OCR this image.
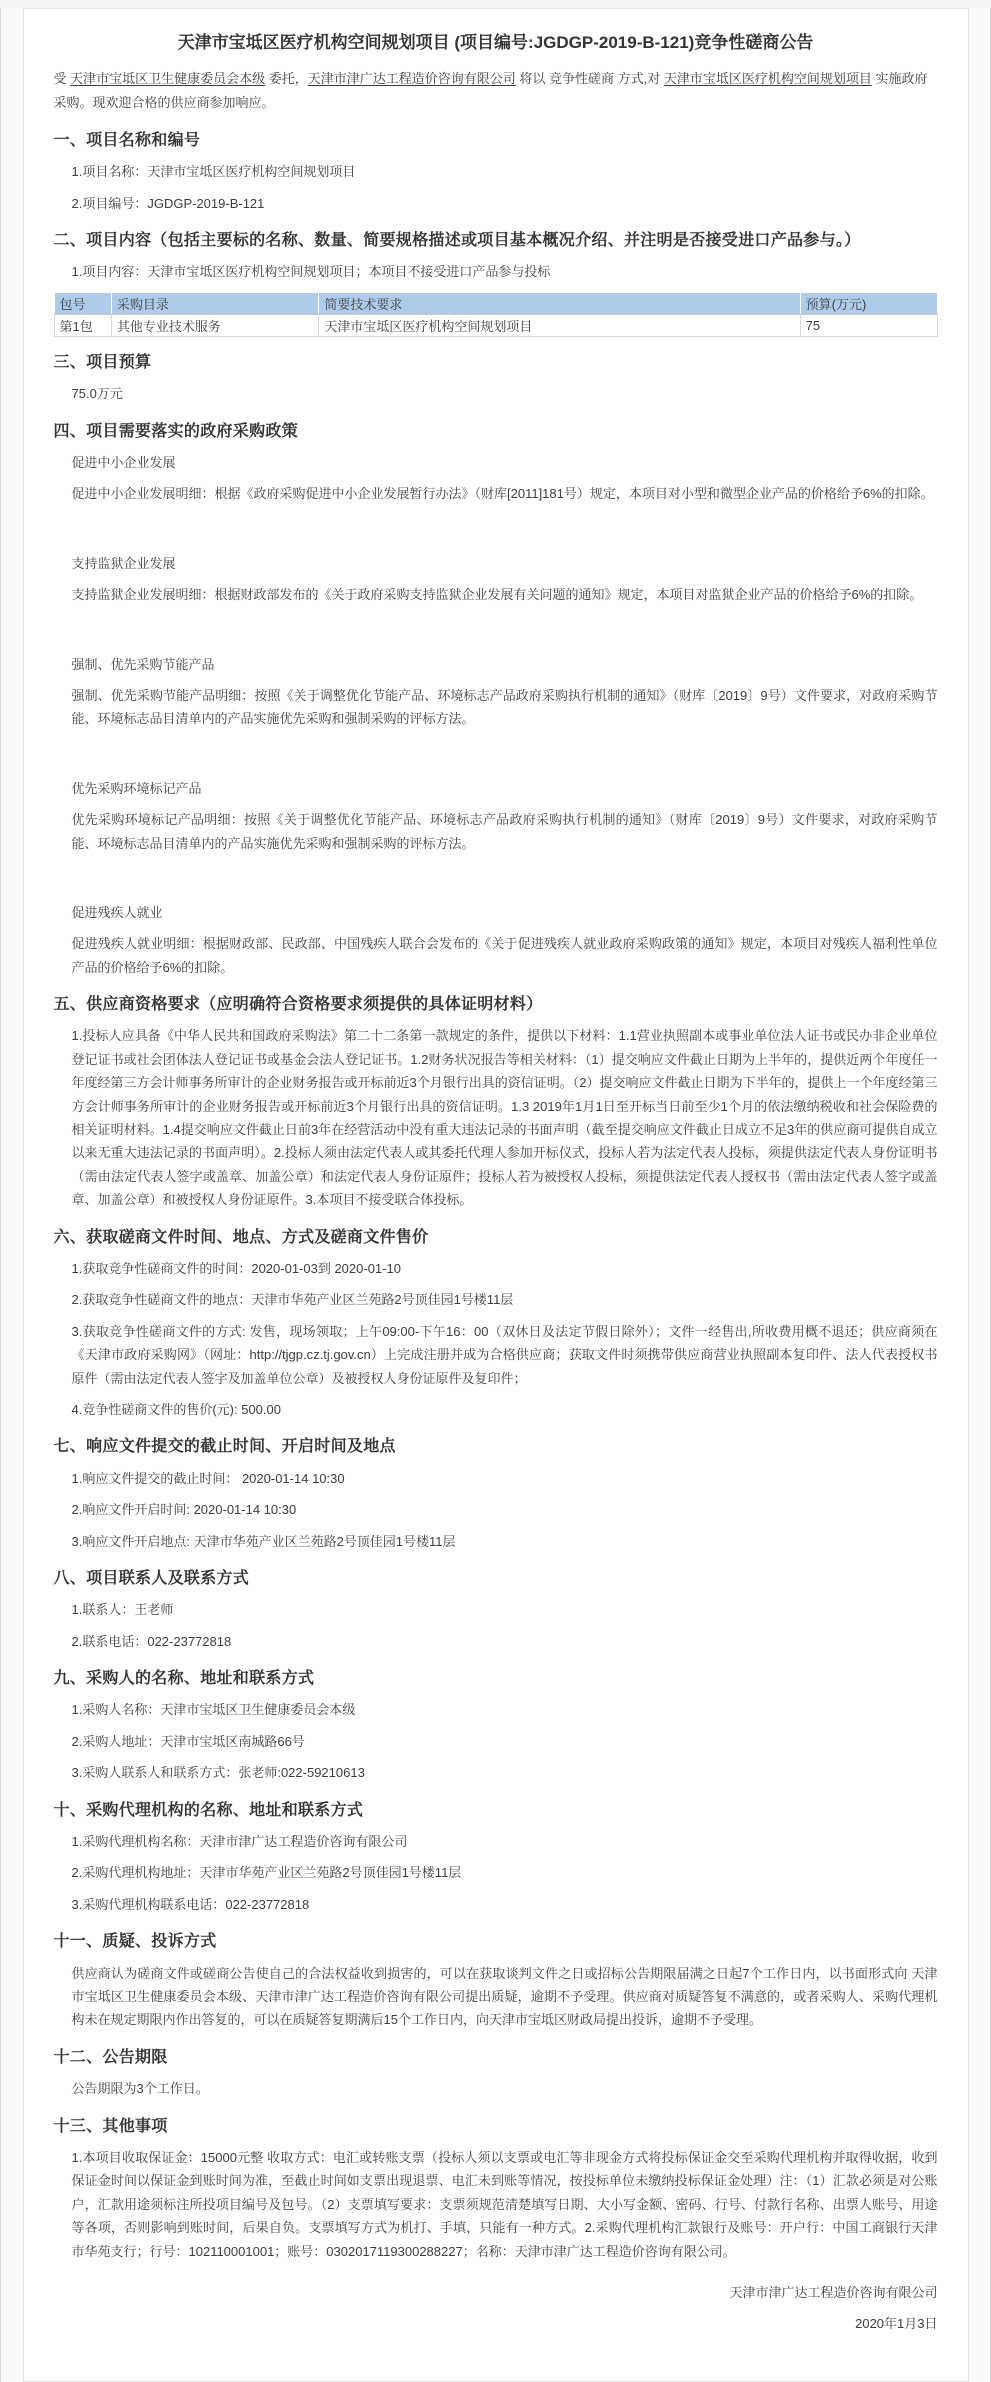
天津市宝坻区医疗机构空间规划项目 (项目编号:JGDGP-2019-B-121)竞争性磋商公告

受 天津市宝坻区卫生健康委员会本级 委托，天津市津广达工程造价咨询有限公司 将以 竞争性磋商 方式,对 天津市宝坻区医疗机构空间规划项目 实施政府采购。现欢迎合格的供应商参加响应。

一、项目名称和编号

1.项目名称：天津市宝坻区医疗机构空间规划项目

2.项目编号：JGDGP-2019-B-121

二、项目内容（包括主要标的名称、数量、简要规格描述或项目基本概况介绍、并注明是否接受进口产品参与。）

1.项目内容：天津市宝坻区医疗机构空间规划项目；本项目不接受进口产品参与投标

包号	采购目录	简要技术要求	预算(万元)
第1包	其他专业技术服务	天津市宝坻区医疗机构空间规划项目	75
三、项目预算

75.0万元

四、项目需要落实的政府采购政策

促进中小企业发展

促进中小企业发展明细：根据《政府采购促进中小企业发展暂行办法》（财库[2011]181号）规定，本项目对小型和微型企业产品的价格给予6%的扣除。

支持监狱企业发展

支持监狱企业发展明细：根据财政部发布的《关于政府采购支持监狱企业发展有关问题的通知》规定，本项目对监狱企业产品的价格给予6%的扣除。

强制、优先采购节能产品

强制、优先采购节能产品明细：按照《关于调整优化节能产品、环境标志产品政府采购执行机制的通知》（财库〔2019〕9号）文件要求，对政府采购节能、环境标志品目清单内的产品实施优先采购和强制采购的评标方法。

优先采购环境标记产品

优先采购环境标记产品明细：按照《关于调整优化节能产品、环境标志产品政府采购执行机制的通知》（财库〔2019〕9号）文件要求，对政府采购节能、环境标志品目清单内的产品实施优先采购和强制采购的评标方法。

促进残疾人就业

促进残疾人就业明细：根据财政部、民政部、中国残疾人联合会发布的《关于促进残疾人就业政府采购政策的通知》规定，本项目对残疾人福利性单位产品的价格给予6%的扣除。

五、供应商资格要求（应明确符合资格要求须提供的具体证明材料）

1.投标人应具备《中华人民共和国政府采购法》第二十二条第一款规定的条件，提供以下材料：1.1营业执照副本或事业单位法人证书或民办非企业单位登记证书或社会团体法人登记证书或基金会法人登记证书。1.2财务状况报告等相关材料：（1）提交响应文件截止日期为上半年的，提供近两个年度任一年度经第三方会计师事务所审计的企业财务报告或开标前近3个月银行出具的资信证明。（2）提交响应文件截止日期为下半年的，提供上一个年度经第三方会计师事务所审计的企业财务报告或开标前近3个月银行出具的资信证明。1.3 2019年1月1日至开标当日前至少1个月的依法缴纳税收和社会保险费的相关证明材料。1.4提交响应文件截止日前3年在经营活动中没有重大违法记录的书面声明（截至提交响应文件截止日成立不足3年的供应商可提供自成立以来无重大违法记录的书面声明）。2.投标人须由法定代表人或其委托代理人参加开标仪式，投标人若为法定代表人投标，须提供法定代表人身份证明书（需由法定代表人签字或盖章、加盖公章）和法定代表人身份证原件；投标人若为被授权人投标，须提供法定代表人授权书（需由法定代表人签字或盖章、加盖公章）和被授权人身份证原件。3.本项目不接受联合体投标。

六、获取磋商文件时间、地点、方式及磋商文件售价

1.获取竞争性磋商文件的时间：2020-01-03到 2020-01-10

2.获取竞争性磋商文件的地点：天津市华苑产业区兰苑路2号顶佳园1号楼11层

3.获取竞争性磋商文件的方式: 发售，现场领取；上午09:00-下午16：00（双休日及法定节假日除外）；文件一经售出,所收费用概不退还；供应商须在《天津市政府采购网》（网址：http://tjgp.cz.tj.gov.cn）上完成注册并成为合格供应商；获取文件时须携带供应商营业执照副本复印件、法人代表授权书原件（需由法定代表人签字及加盖单位公章）及被授权人身份证原件及复印件；

4.竞争性磋商文件的售价(元): 500.00

七、响应文件提交的截止时间、开启时间及地点

1.响应文件提交的截止时间： 2020-01-14 10:30

2.响应文件开启时间: 2020-01-14 10:30

3.响应文件开启地点: 天津市华苑产业区兰苑路2号顶佳园1号楼11层

八、项目联系人及联系方式

1.联系人：王老师

2.联系电话：022-23772818

九、采购人的名称、地址和联系方式

1.采购人名称：天津市宝坻区卫生健康委员会本级

2.采购人地址：天津市宝坻区南城路66号

3.采购人联系人和联系方式：张老师:022-59210613

十、采购代理机构的名称、地址和联系方式

1.采购代理机构名称：天津市津广达工程造价咨询有限公司

2.采购代理机构地址：天津市华苑产业区兰苑路2号顶佳园1号楼11层

3.采购代理机构联系电话：022-23772818

十一、质疑、投诉方式

供应商认为磋商文件或磋商公告使自己的合法权益收到损害的，可以在获取谈判文件之日或招标公告期限届满之日起7个工作日内，以书面形式向 天津市宝坻区卫生健康委员会本级、天津市津广达工程造价咨询有限公司提出质疑，逾期不予受理。供应商对质疑答复不满意的，或者采购人、采购代理机构未在规定期限内作出答复的，可以在质疑答复期满后15个工作日内，向天津市宝坻区财政局提出投诉，逾期不予受理。

十二、公告期限

公告期限为3个工作日。

十三、其他事项

1.本项目收取保证金：15000元整 收取方式：电汇或转账支票（投标人须以支票或电汇等非现金方式将投标保证金交至采购代理机构并取得收据，收到保证金时间以保证金到账时间为准，至截止时间如支票出现退票、电汇未到账等情况，按投标单位未缴纳投标保证金处理）注：（1）汇款必须是对公账户，汇款用途须标注所投项目编号及包号。（2）支票填写要求：支票须规范清楚填写日期、大小写金额、密码、行号、付款行名称、出票人账号、用途等各项，否则影响到账时间，后果自负。支票填写方式为机打、手填，只能有一种方式。2.采购代理机构汇款银行及账号：开户行：中国工商银行天津市华苑支行；行号：102110001001；账号：0302017119300288227；名称：天津市津广达工程造价咨询有限公司。

天津市津广达工程造价咨询有限公司
2020年1月3日
